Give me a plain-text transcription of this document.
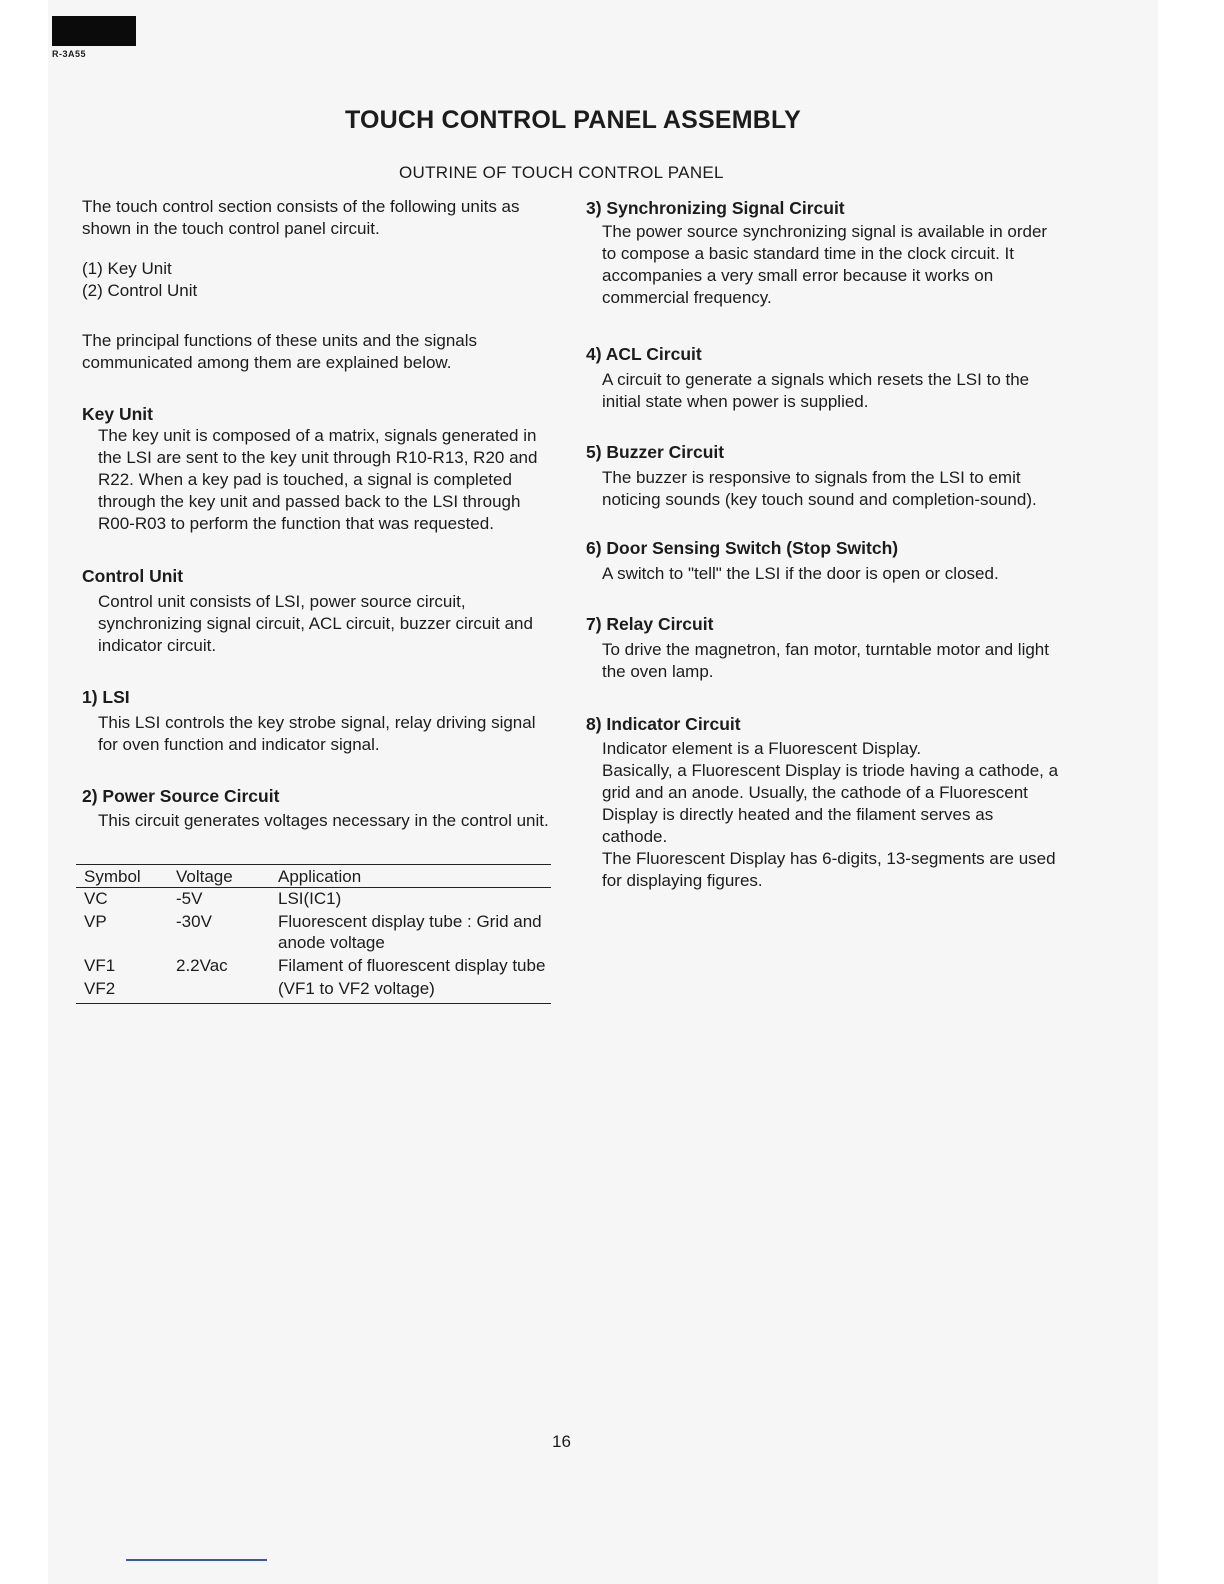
R-3A55
TOUCH CONTROL PANEL ASSEMBLY
OUTRINE OF TOUCH CONTROL PANEL

The touch control section consists of the following units as shown in the touch control panel circuit.

(1) Key Unit

(2) Control Unit

The principal functions of these units and the signals communicated among them are explained below.

Key Unit

The key unit is composed of a matrix, signals generated in the LSI are sent to the key unit through R10-R13, R20 and R22. When a key pad is touched, a signal is completed through the key unit and passed back to the LSI through R00-R03 to perform the function that was requested.

Control Unit

Control unit consists of LSI, power source circuit, synchronizing signal circuit, ACL circuit, buzzer circuit and indicator circuit.

1) LSI

This LSI controls the key strobe signal, relay driving signal for oven function and indicator signal.

2) Power Source Circuit

This circuit generates voltages necessary in the control unit.

Symbol	Voltage	Application
VC	-5V	LSI(IC1)
VP	-30V	Fluorescent display tube : Grid and anode voltage
VF1	2.2Vac	Filament of fluorescent display tube
VF2		(VF1 to VF2 voltage)

3) Synchronizing Signal Circuit

The power source synchronizing signal is available in order to compose a basic standard time in the clock circuit. It accompanies a very small error because it works on commercial frequency.

4) ACL Circuit

A circuit to generate a signals which resets the LSI to the initial state when power is supplied.

5) Buzzer Circuit

The buzzer is responsive to signals from the LSI to emit noticing sounds (key touch sound and completion-sound).

6) Door Sensing Switch (Stop Switch)

A switch to "tell" the LSI if the door is open or closed.

7) Relay Circuit

To drive the magnetron, fan motor, turntable motor and light the oven lamp.

8) Indicator Circuit

Indicator element is a Fluorescent Display.

Basically, a Fluorescent Display is triode having a cathode, a grid and an anode. Usually, the cathode of a Fluorescent Display is directly heated and the filament serves as cathode.

The Fluorescent Display has 6-digits, 13-segments are used for displaying figures.

16
